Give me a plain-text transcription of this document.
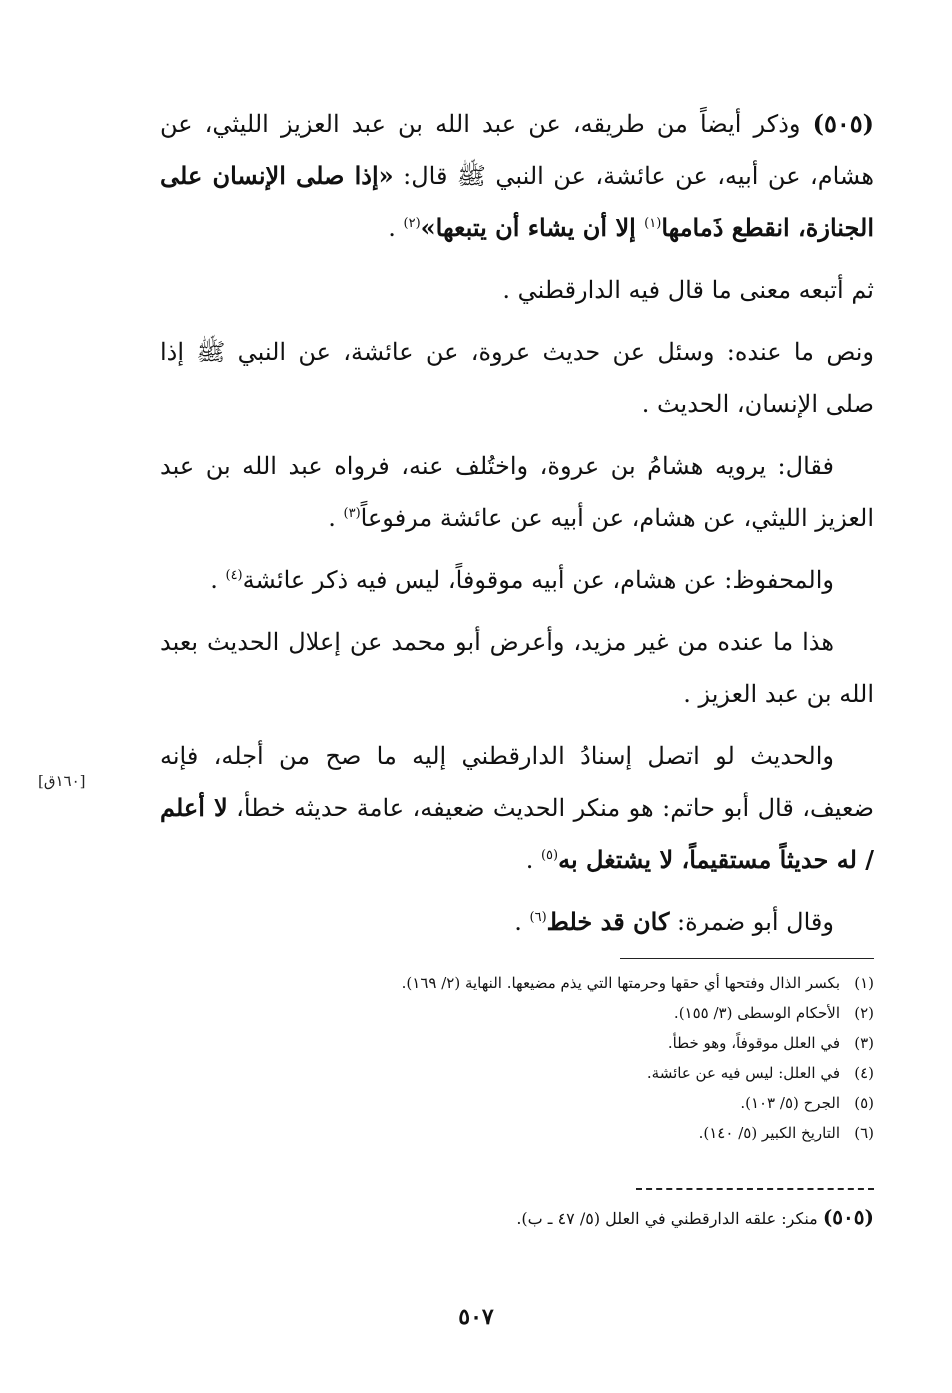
(٥٠٥) وذكر أيضاً من طريقه، عن عبد الله بن عبد العزيز الليثي، عن هشام، عن أبيه، عن عائشة، عن النبي ﷺ قال: «إذا صلى الإنسان على الجنازة، انقطع ذَمامها$^{(١)}$ إلا أن يشاء أن يتبعها»$^{(٢)}$ .

ثم أتبعه معنى ما قال فيه الدارقطني .

ونص ما عنده: وسئل عن حديث عروة، عن عائشة، عن النبي ﷺ إذا صلى الإنسان، الحديث .

فقال: يرويه هشامُ بن عروة، واختُلف عنه، فرواه عبد الله بن عبد العزيز الليثي، عن هشام، عن أبيه عن عائشة مرفوعاً$^{(٣)}$ .

والمحفوظ: عن هشام، عن أبيه موقوفاً، ليس فيه ذكر عائشة$^{(٤)}$ .

هذا ما عنده من غير مزيد، وأعرض أبو محمد عن إعلال الحديث بعبد الله بن عبد العزيز .

والحديث لو اتصل إسنادُ الدارقطني إليه ما صح من أجله، فإنه ضعيف، قال أبو حاتم: هو منكر الحديث ضعيفه، عامة حديثه خطأ، لا أعلم / له حديثاً مستقيماً، لا يشتغل به$^{(٥)}$ .

وقال أبو ضمرة: كان قد خلط$^{(٦)}$ .

[١٦٠ق]
(١)بكسر الذال وفتحها أي حقها وحرمتها التي يذم مضيعها. النهاية (٢/ ١٦٩).
(٢)الأحكام الوسطى (٣/ ١٥٥).
(٣)في العلل موقوفاً، وهو خطأ.
(٤)في العلل: ليس فيه عن عائشة.
(٥)الجرح (٥/ ١٠٣).
(٦)التاريخ الكبير (٥/ ١٤٠).
(٥٠٥) منكر: علقه الدارقطني في العلل (٥/ ٤٧ ـ ب).
٥٠٧
